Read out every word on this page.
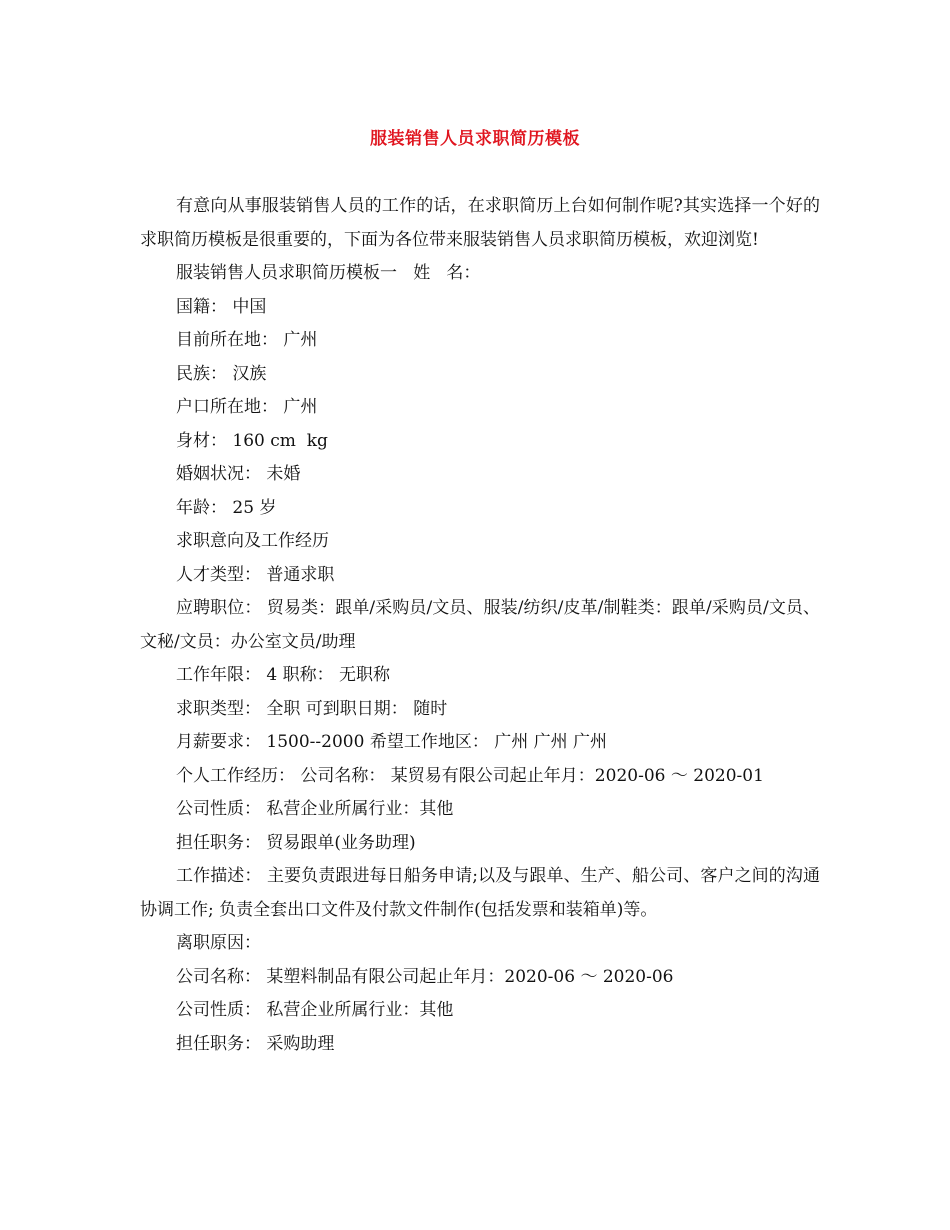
服装销售人员求职简历模板

有意向从事服装销售人员的工作的话，在求职简历上台如何制作呢?其实选择一个好的求职简历模板是很重要的，下面为各位带来服装销售人员求职简历模板，欢迎浏览!

服装销售人员求职简历模板一   姓   名：

国籍： 中国

目前所在地： 广州

民族： 汉族

户口所在地： 广州

身材： 160 cm  kg

婚姻状况： 未婚

年龄： 25 岁

求职意向及工作经历

人才类型： 普通求职

应聘职位： 贸易类：跟单/采购员/文员、服装/纺织/皮革/制鞋类：跟单/采购员/文员、文秘/文员：办公室文员/助理

工作年限： 4 职称： 无职称

求职类型： 全职 可到职日期： 随时

月薪要求： 1500--2000 希望工作地区： 广州 广州 广州

个人工作经历： 公司名称： 某贸易有限公司起止年月：2020-06 ～ 2020-01

公司性质： 私营企业所属行业：其他

担任职务： 贸易跟单(业务助理)

工作描述： 主要负责跟进每日船务申请;以及与跟单、生产、船公司、客户之间的沟通协调工作; 负责全套出口文件及付款文件制作(包括发票和装箱单)等。

离职原因：

公司名称： 某塑料制品有限公司起止年月：2020-06 ～ 2020-06

公司性质： 私营企业所属行业：其他

担任职务： 采购助理
